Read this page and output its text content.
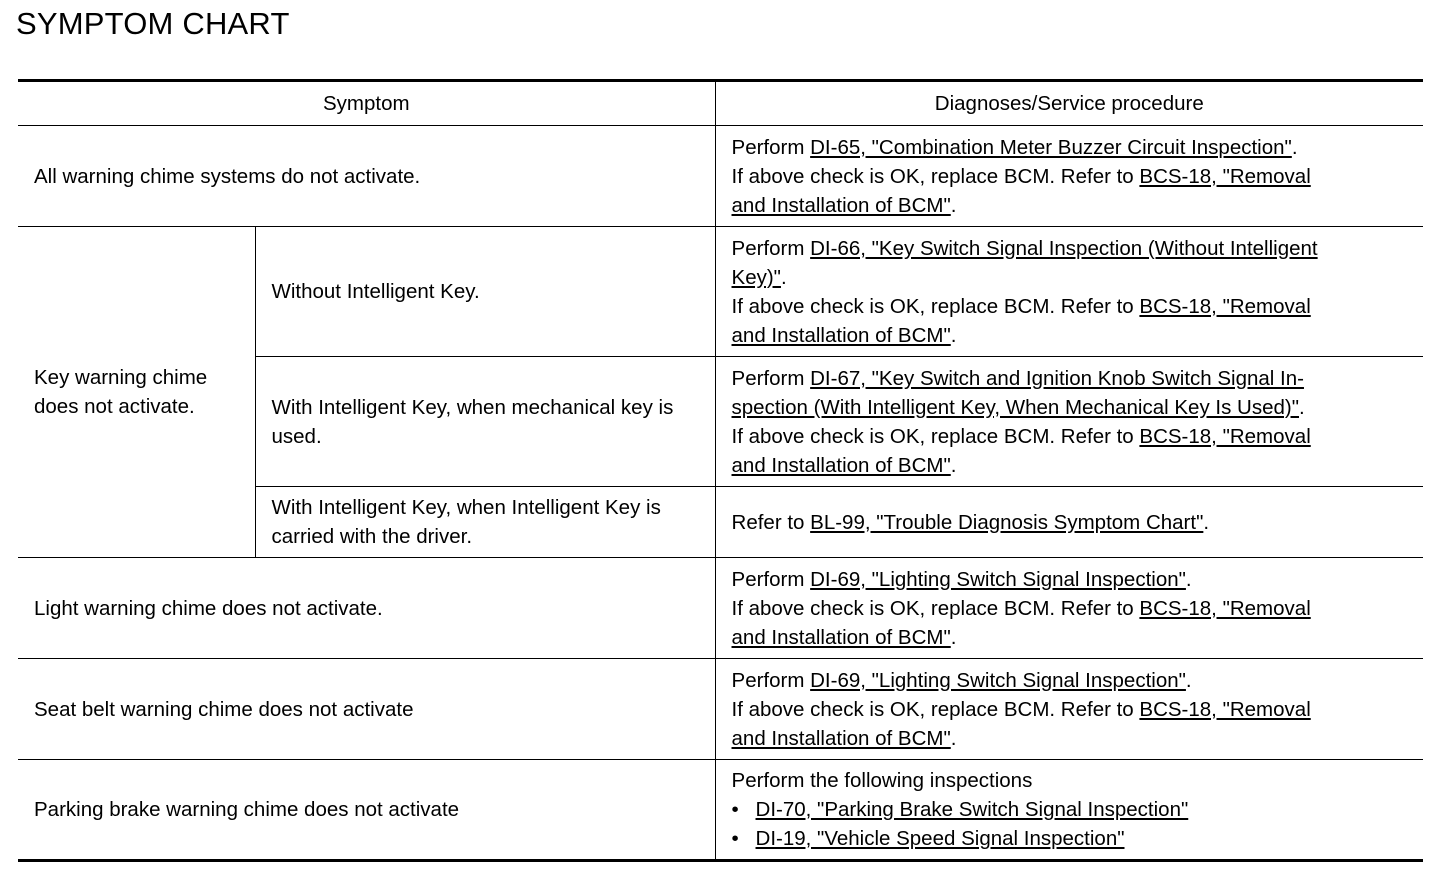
SYMPTOM CHART
Symptom		Diagnoses/Service procedure
All warning chime systems do not activate.		Perform DI-65, "Combination Meter Buzzer Circuit Inspection".
If above check is OK, replace BCM. Refer to BCS-18, "Removal
and Installation of BCM".

Key warning chime does not activate.	Without Intelligent Key.	Perform DI-66, "Key Switch Signal Inspection (Without Intelligent
Key)".
If above check is OK, replace BCM. Refer to BCS-18, "Removal
and Installation of BCM".

	With Intelligent Key, when mechanical key is used.	Perform DI-67, "Key Switch and Ignition Knob Switch Signal In-
spection (With Intelligent Key, When Mechanical Key Is Used)".
If above check is OK, replace BCM. Refer to BCS-18, "Removal
and Installation of BCM".

	With Intelligent Key, when Intelligent Key is carried with the driver.	Refer to BL-99, "Trouble Diagnosis Symptom Chart".

Light warning chime does not activate.		Perform DI-69, "Lighting Switch Signal Inspection".
If above check is OK, replace BCM. Refer to BCS-18, "Removal
and Installation of BCM".

Seat belt warning chime does not activate		Perform DI-69, "Lighting Switch Signal Inspection".
If above check is OK, replace BCM. Refer to BCS-18, "Removal
and Installation of BCM".

Parking brake warning chime does not activate		Perform the following inspections
• DI-70, "Parking Brake Switch Signal Inspection"
• DI-19, "Vehicle Speed Signal Inspection"
